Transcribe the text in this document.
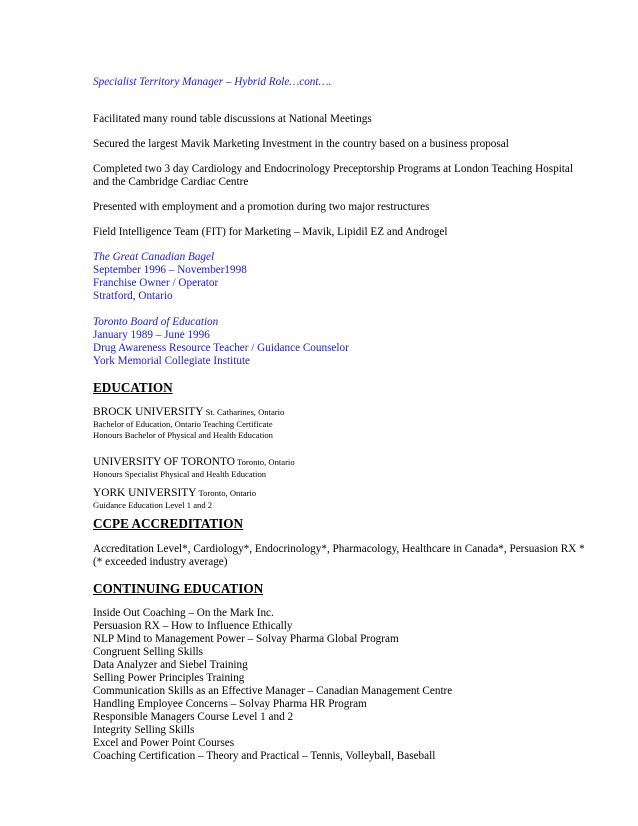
Specialist Territory Manager – Hybrid Role…cont….
Facilitated many round table discussions at National Meetings
Secured the largest Mavik Marketing Investment in the country based on a business proposal
Completed two 3 day Cardiology and Endocrinology Preceptorship Programs at London Teaching Hospital
and the Cambridge Cardiac Centre
Presented with employment and a promotion during two major restructures
Field Intelligence Team (FIT) for Marketing – Mavik, Lipidil EZ and Androgel
The Great Canadian Bagel
September 1996 – November1998
Franchise Owner / Operator
Stratford, Ontario
Toronto Board of Education
January 1989 – June 1996
Drug Awareness Resource Teacher / Guidance Counselor
York Memorial Collegiate Institute
EDUCATION
BROCK UNIVERSITY St. Catharines, Ontario
Bachelor of Education, Ontario Teaching Certificate
Honours Bachelor of Physical and Health Education
UNIVERSITY OF TORONTO Toronto, Ontario
Honours Specialist Physical and Health Education
YORK UNIVERSITY Toronto, Ontario
Guidance Education Level 1 and 2
CCPE ACCREDITATION
Accreditation Level*, Cardiology*, Endocrinology*, Pharmacology, Healthcare in Canada*, Persuasion RX *
(* exceeded industry average)
CONTINUING EDUCATION
Inside Out Coaching – On the Mark Inc.
Persuasion RX – How to Influence Ethically
NLP Mind to Management Power – Solvay Pharma Global Program
Congruent Selling Skills
Data Analyzer and Siebel Training
Selling Power Principles Training
Communication Skills as an Effective Manager – Canadian Management Centre
Handling Employee Concerns – Solvay Pharma HR Program
Responsible Managers Course Level 1 and 2
Integrity Selling Skills
Excel and Power Point Courses
Coaching Certification – Theory and Practical – Tennis, Volleyball, Baseball
